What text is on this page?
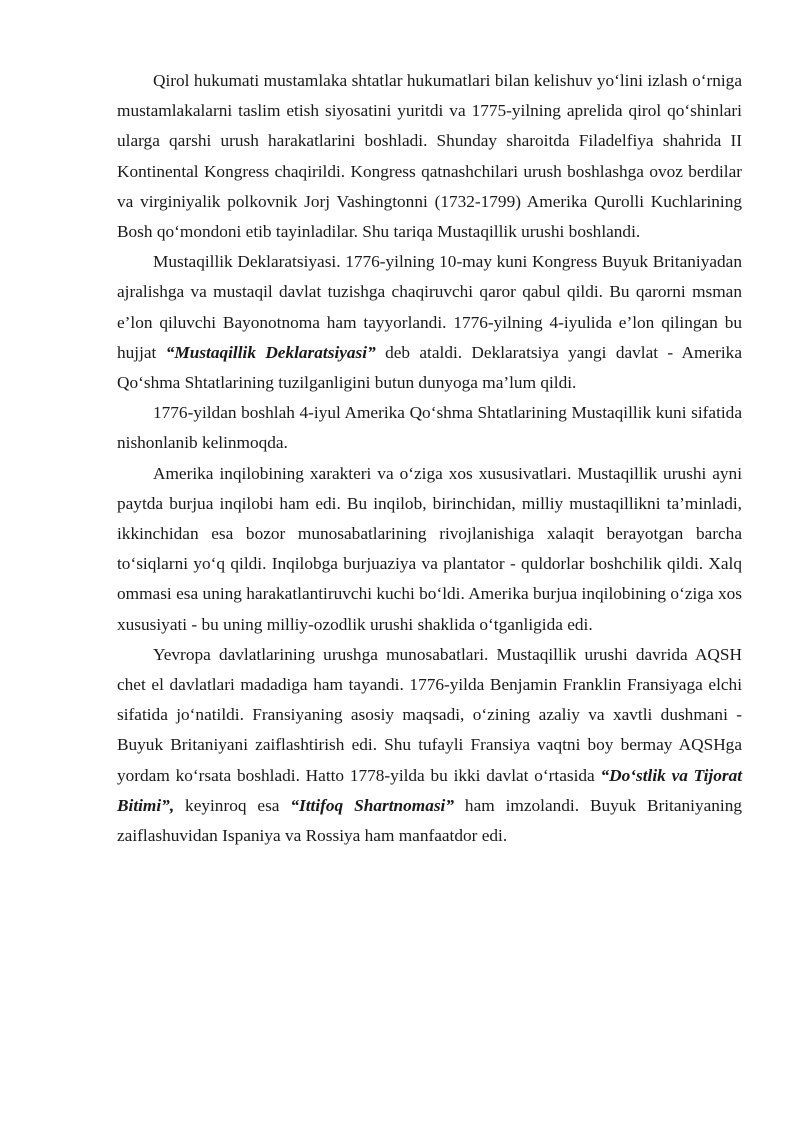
Qirol hukumati mustamlaka shtatlar hukumatlari bilan kelishuv yo‘lini izlash o‘rniga mustamlakalarni taslim etish siyosatini yuritdi va 1775-yilning aprelida qirol qo‘shinlari ularga qarshi urush harakatlarini boshladi. Shunday sharoitda Filadelfiya shahrida II Kontinental Kongress chaqirildi. Kongress qatnashchilari urush boshlashga ovoz berdilar va virginiyalik polkovnik Jorj Vashingtonni (1732-1799) Amerika Qurolli Kuchlarining Bosh qo‘mondoni etib tayinladilar. Shu tariqa Mustaqillik urushi boshlandi.

Mustaqillik Deklaratsiyasi. 1776-yilning 10-may kuni Kongress Buyuk Britaniyadan ajralishga va mustaqil davlat tuzishga chaqiruvchi qaror qabul qildi. Bu qarorni msman e’lon qiluvchi Bayonotnoma ham tayyorlandi. 1776-yilning 4-iyulida e’lon qilingan bu hujjat “Mustaqillik Deklaratsiyasi” deb ataldi. Deklaratsiya yangi davlat - Amerika Qo‘shma Shtatlarining tuzilganligini butun dunyoga ma’lum qildi.

1776-yildan boshlah 4-iyul Amerika Qo‘shma Shtatlarining Mustaqillik kuni sifatida nishonlanib kelinmoqda.

Amerika inqilobining xarakteri va o‘ziga xos xususivatlari. Mustaqillik urushi ayni paytda burjua inqilobi ham edi. Bu inqilob, birinchidan, milliy mustaqillikni ta’minladi, ikkinchidan esa bozor munosabatlarining rivojlanishiga xalaqit berayotgan barcha to‘siqlarni yo‘q qildi. Inqilobga burjuaziya va plantator - quldorlar boshchilik qildi. Xalq ommasi esa uning harakatlantiruvchi kuchi bo‘ldi. Amerika burjua inqilobining o‘ziga xos xususiyati - bu uning milliy-ozodlik urushi shaklida o‘tganligida edi.

Yevropa davlatlarining urushga munosabatlari. Mustaqillik urushi davrida AQSH chet el davlatlari madadiga ham tayandi. 1776-yilda Benjamin Franklin Fransiyaga elchi sifatida jo‘natildi. Fransiyaning asosiy maqsadi, o‘zining azaliy va xavtli dushmani - Buyuk Britaniyani zaiflashtirish edi. Shu tufayli Fransiya vaqtni boy bermay AQSHga yordam ko‘rsata boshladi. Hatto 1778-yilda bu ikki davlat o‘rtasida “Do‘stlik va Tijorat Bitimi”, keyinroq esa “Ittifoq Shartnomasi” ham imzolandi. Buyuk Britaniyaning zaiflashuvidan Ispaniya va Rossiya ham manfaatdor edi.
